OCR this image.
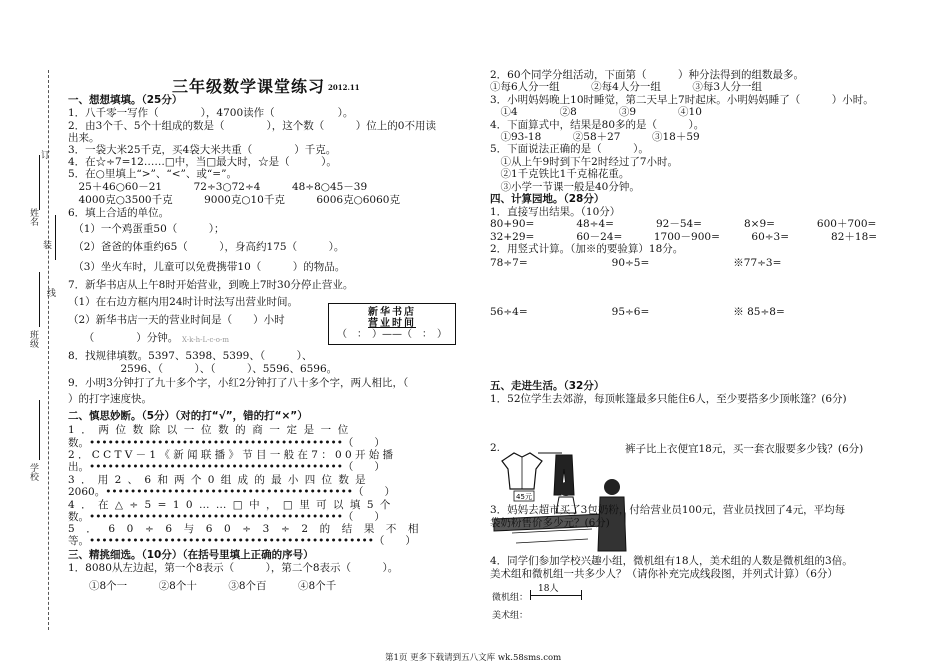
姓名
班级
学校
订
装
线
三年级数学课堂练习 2012.11
一、想想填填。（25分）
1．八千零一写作（　　　　），4700读作（　　　　　　）。
2．由3个千、5个十组成的数是（　　　　），这个数（　　　）位上的0不用读
出来。
3．一袋大米25千克，买4袋大米共重（　　　　）千克。
4．在☆÷7=12……□中，当□最大时，☆是（　　　）。
5．在○里填上“>”、“<”、或“=”。
　25＋46○60－21　　　72÷3○72÷4　　　48÷8○45－39
　4000克○3500千克　　　9000克○10千克　　　6006克○6060克
6．填上合适的单位。
　（1）一个鸡蛋重50（　　　）；
　（2）爸爸的体重约65（　　　），身高约175（　　　）。
　（3）坐火车时，儿童可以免费携带10（　　　）的物品。
7．新华书店从上午8时开始营业，到晚上7时30分停止营业。
（1）在右边方框内用24时计时法写出营业时间。
（2）新华书店一天的营业时间是（　　）小时
　　（　　　　）分钟。 X-k-h-L-c-o-m
8．找规律填数。5397、5398、5399、（　　　）、
　　　　　2596、（　　　）、（　　　）、5596、6596。
9．小明3分钟打了九十多个字，小红2分钟打了八十多个字，两人相比，（
）的打字速度快。
新华书店
营业时间
（　：　）——（　：　）
二、慎思妙断。（5分）（对的打“√”，错的打“×”）
1．两位数除以一位数的商一定是一位
数。•••••••••••••••••••••••••••••••••••••••••（　　）
2．CCTV－1《新闻联播》节目一般在7：00开始播
出。•••••••••••••••••••••••••••••••••••••••••（　　）
3．用2、6和两个0组成的最小四位数是
2060。••••••••••••••••••••••••••••••••••••••••（　　）
4．在△÷5=10……□中，□里可以填5个
数。•••••••••••••••••••••••••••••••••••••••••（　　）
5．60÷6与60÷3÷2的结果不相
等。••••••••••••••••••••••••••••••••••••••••••••••（　　）
三、精挑细选。（10分）（在括号里填上正确的序号）
1．8080从左边起，第一个8表示（　　　），第二个8表示（　　　）。
　　①8个一　　　②8个十　　　③8个百　　　④8个千
2．60个同学分组活动，下面第（　　　）种分法得到的组数最多。
①每6人分一组　　　②每4人分一组　　　③每3人分一组
3．小明妈妈晚上10时睡觉，第二天早上7时起床。小明妈妈睡了（　　　）小时。
　①4　　　　②8　　　　③9　　　　④10
4．下面算式中，结果是80多的是（　　　）。
　①93-18　　　②58＋27　　　③18＋59
5．下面说法正确的是（　　　）。
　①从上午9时到下午2时经过了7小时。
　②1千克铁比1千克棉花重。
　③小学一节课一般是40分钟。
四、计算园地。（28分）
1．直接写出结果。（10分）
80+90=　　　　48÷4=　　　　92－54=　　　　8×9=　　　　600＋700=
32+29=　　　　60－24=　　　1700－900=　　　60÷3=　　　　82＋18=
2．用竖式计算。（加※的要验算）18分。
78÷7=　　　　　　　　90÷5=　　　　　　　　※77÷3=
56÷4=　　　　　　　　95÷6=　　　　　　　　※ 85÷8=
五、走进生活。（32分）
1．52位学生去郊游，每顶帐篷最多只能住6人，至少要搭多少顶帐篷？(6分)
2.	裤子比上衣便宜18元，买一套衣服要多少钱？(6分)
45元
3．妈妈去超市买了3包奶粉，付给营业员100元，营业员找回了4元，平均每
袋奶粉售价多少元？(6分)
4．同学们参加学校兴趣小组，微机组有18人，美术组的人数是微机组的3倍。
美术组和微机组一共多少人？（请你补充完成线段图，并列式计算）（6分）
微机组：
美术组：
18人
第1页 更多下载请到五八文库 wk.58sms.com
